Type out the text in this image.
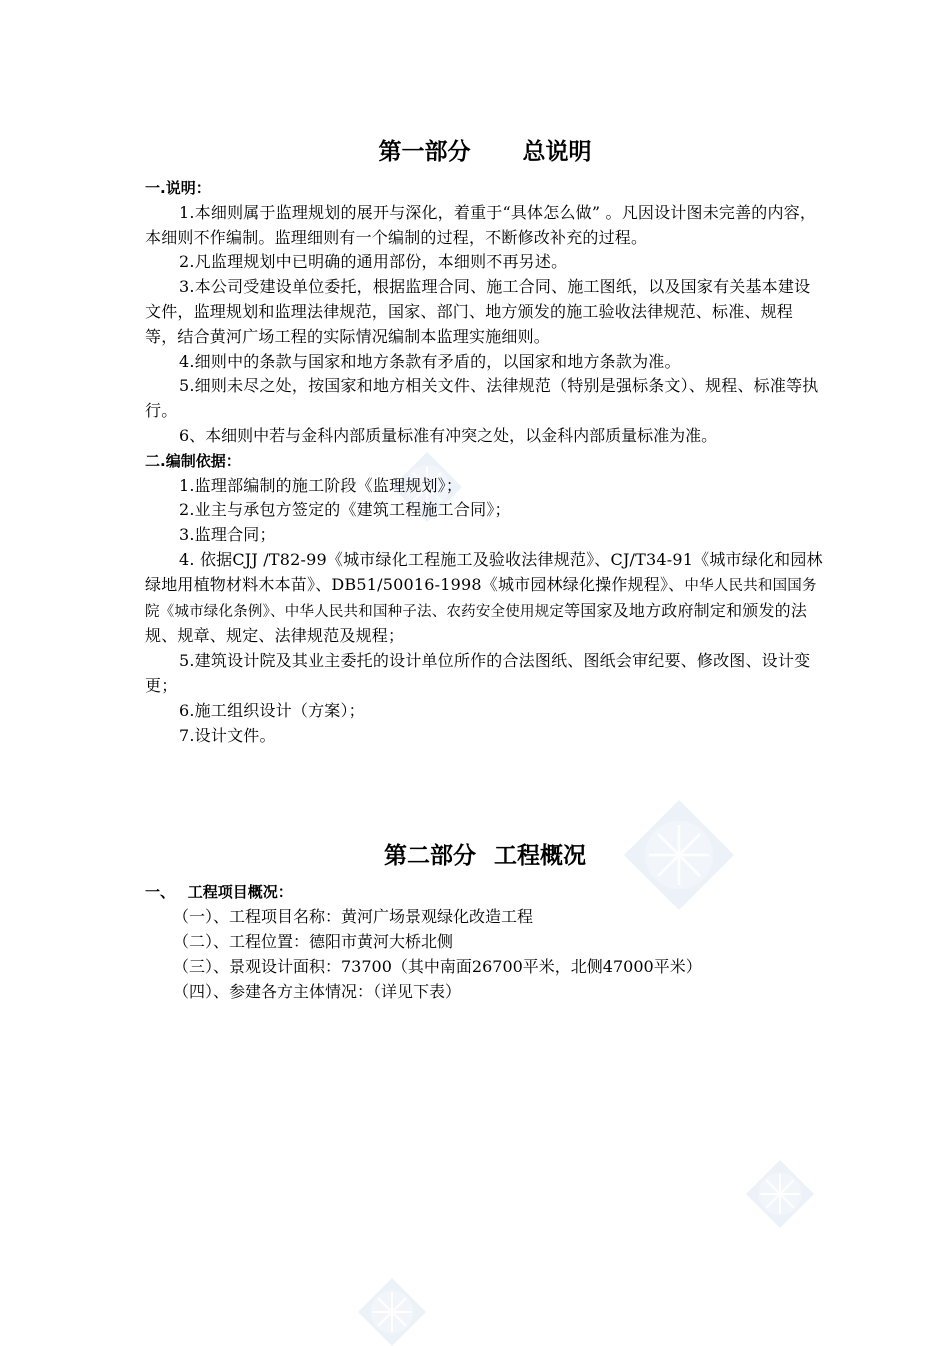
第一部分 总说明

一.说明：

1.本细则属于监理规划的展开与深化，着重于“具体怎么做” 。凡因设计图未完善的内容，本细则不作编制。监理细则有一个编制的过程，不断修改补充的过程。

2.凡监理规划中已明确的通用部份，本细则不再另述。

3.本公司受建设单位委托，根据监理合同、施工合同、施工图纸，以及国家有关基本建设文件，监理规划和监理法律规范，国家、部门、地方颁发的施工验收法律规范、标准、规程等，结合黄河广场工程的实际情况编制本监理实施细则。

4.细则中的条款与国家和地方条款有矛盾的，以国家和地方条款为准。

5.细则未尽之处，按国家和地方相关文件、法律规范（特别是强标条文）、规程、标准等执行。

6、本细则中若与金科内部质量标准有冲突之处，以金科内部质量标准为准。

二.编制依据：

1.监理部编制的施工阶段《监理规划》；

2.业主与承包方签定的《建筑工程施工合同》；

3.监理合同；

4. 依据CJJ /T82-99《城市绿化工程施工及验收法律规范》、CJ/T34-91《城市绿化和园林绿地用植物材料木本苗》、DB51/50016-1998《城市园林绿化操作规程》、中华人民共和国国务院《城市绿化条例》、中华人民共和国种子法、农药安全使用规定等国家及地方政府制定和颁发的法规、规章、规定、法律规范及规程；

5.建筑设计院及其业主委托的设计单位所作的合法图纸、图纸会审纪要、修改图、设计变更；

6.施工组织设计（方案）；

7.设计文件。

第二部分 工程概况

一、　 工程项目概况：

（一）、工程项目名称：黄河广场景观绿化改造工程

（二）、工程位置：德阳市黄河大桥北侧

（三）、景观设计面积：73700（其中南面26700平米，北侧47000平米）

（四）、参建各方主体情况：（详见下表）
